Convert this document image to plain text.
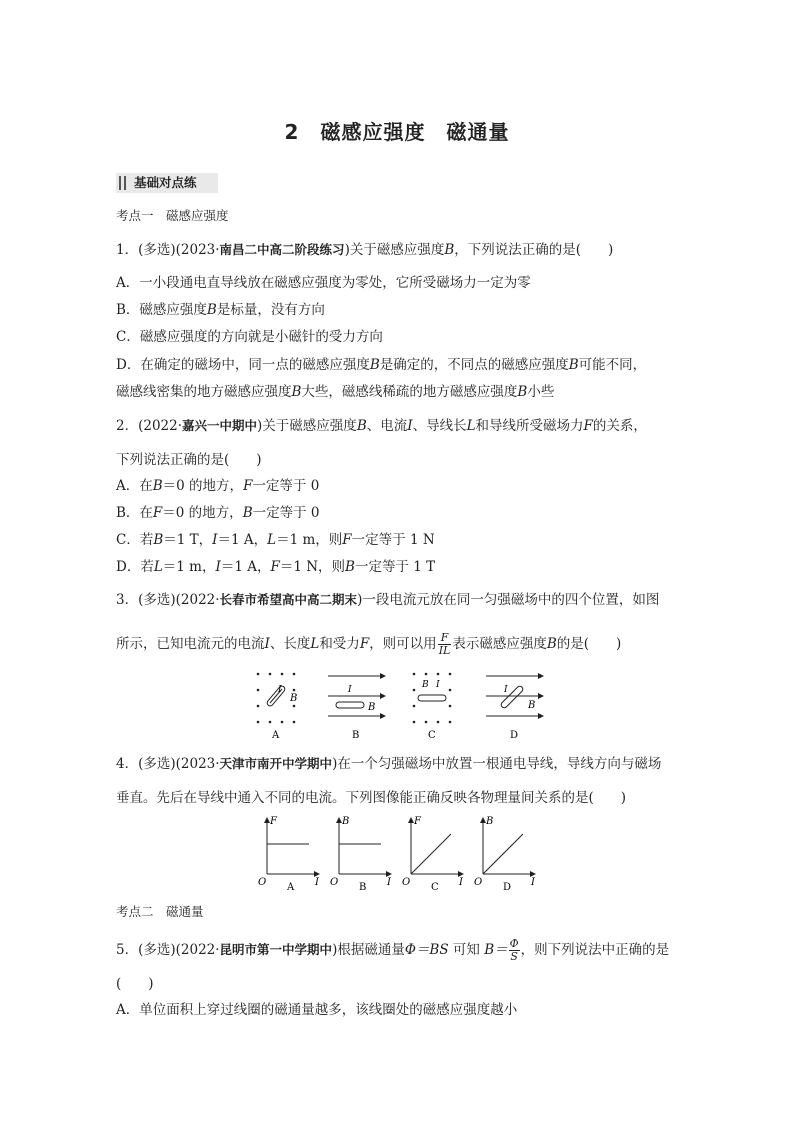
2　磁感应强度　磁通量
基础对点练
考点一　磁感应强度
1．(多选)(2023·南昌二中高二阶段练习)关于磁感应强度B，下列说法正确的是(　　)
A．一小段通电直导线放在磁感应强度为零处，它所受磁场力一定为零
B．磁感应强度B是标量，没有方向
C．磁感应强度的方向就是小磁针的受力方向
D．在确定的磁场中，同一点的磁感应强度B是确定的，不同点的磁感应强度B可能不同，
磁感线密集的地方磁感应强度B大些，磁感线稀疏的地方磁感应强度B小些
2．(2022·嘉兴一中期中)关于磁感应强度B、电流I、导线长L和导线所受磁场力F的关系，
下列说法正确的是(　　)
A．在B＝0 的地方，F一定等于 0
B．在F＝0 的地方，B一定等于 0
C．若B＝1 T，I＝1 A，L＝1 m，则F一定等于 1 N
D．若L＝1 m，I＝1 A，F＝1 N，则B一定等于 1 T
3．(多选)(2022·长春市希望高中高二期末)一段电流元放在同一匀强磁场中的四个位置，如图
所示，已知电流元的电流I、长度L和受力F，则可以用 $\frac{F}{IL}$ 表示磁感应强度B的是(　　)
I
B
A
I
B
B
B I
C
I
B
D
4．(多选)(2023·天津市南开中学期中)在一个匀强磁场中放置一根通电导线，导线方向与磁场
垂直。先后在导线中通入不同的电流。下列图像能正确反映各物理量间关系的是(　　)
F
I
O A
B
I
O B
F
I
O C
B
I
O D
考点二　磁通量
5．(多选)(2022·昆明市第一中学期中)根据磁通量Φ＝BS 可知 $B= \frac{\Phi}{S}$ ，则下列说法中正确的是
(　　)
A．单位面积上穿过线圈的磁通量越多，该线圈处的磁感应强度越小
